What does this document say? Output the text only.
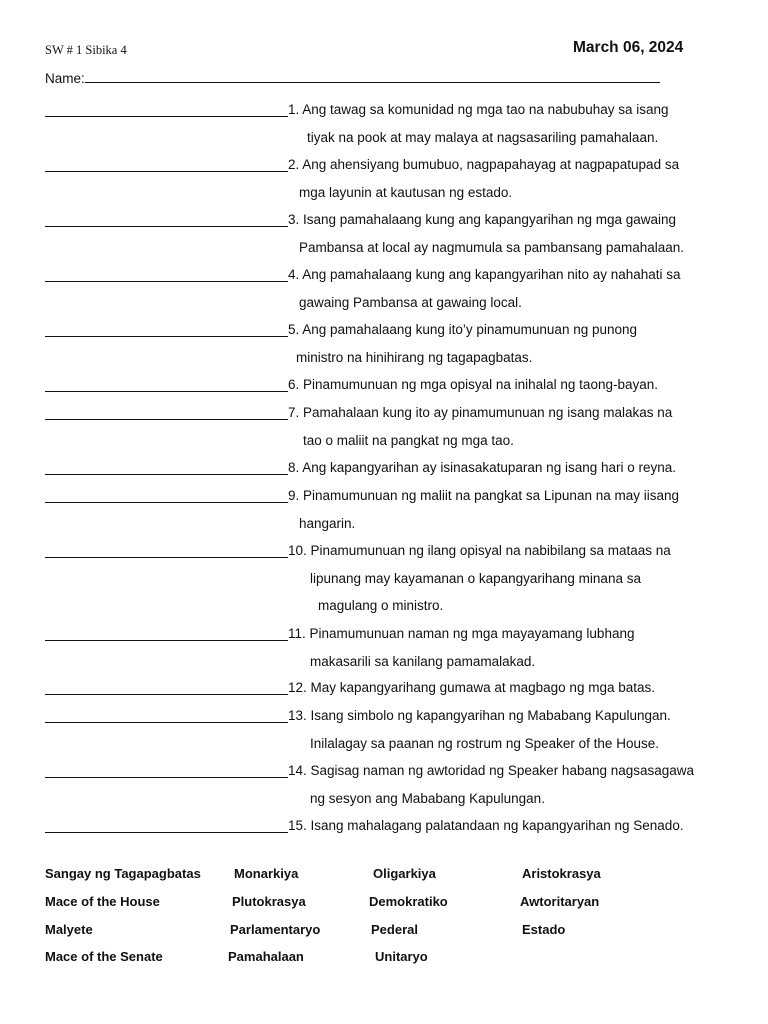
SW # 1 Sibika 4	March 06, 2024
Name:
1. Ang tawag sa komunidad ng mga tao na nabubuhay sa isang
tiyak na pook at may malaya at nagsasariling pamahalaan.
2. Ang ahensiyang bumubuo, nagpapahayag at nagpapatupad sa
mga layunin at kautusan ng estado.
3. Isang pamahalaang kung ang kapangyarihan ng mga gawaing
Pambansa at local ay nagmumula sa pambansang pamahalaan.
4. Ang pamahalaang kung ang kapangyarihan nito ay nahahati sa
gawaing Pambansa at gawaing local.
5. Ang pamahalaang kung ito’y pinamumunuan ng punong
ministro na hinihirang ng tagapagbatas.
6. Pinamumunuan ng mga opisyal na inihalal ng taong-bayan.
7. Pamahalaan kung ito ay pinamumunuan ng isang malakas na
tao o maliit na pangkat ng mga tao.
8. Ang kapangyarihan ay isinasakatuparan ng isang hari o reyna.
9. Pinamumunuan ng maliit na pangkat sa Lipunan na may iisang
hangarin.
10. Pinamumunuan ng ilang opisyal na nabibilang sa mataas na
lipunang may kayamanan o kapangyarihang minana sa
magulang o ministro.
11. Pinamumunuan naman ng mga mayayamang lubhang
makasarili sa kanilang pamamalakad.
12. May kapangyarihang gumawa at magbago ng mga batas.
13. Isang simbolo ng kapangyarihan ng Mababang Kapulungan.
Inilalagay sa paanan ng rostrum ng Speaker of the House.
14. Sagisag naman ng awtoridad ng Speaker habang nagsasagawa
ng sesyon ang Mababang Kapulungan.
15. Isang mahalagang palatandaan ng kapangyarihan ng Senado.
Sangay ng Tagapagbatas	Monarkiya	Oligarkiya	Aristokrasya
Mace of the House	Plutokrasya	Demokratiko	Awtoritaryan
Malyete	Parlamentaryo	Pederal	Estado
Mace of the Senate	Pamahalaan	Unitaryo
